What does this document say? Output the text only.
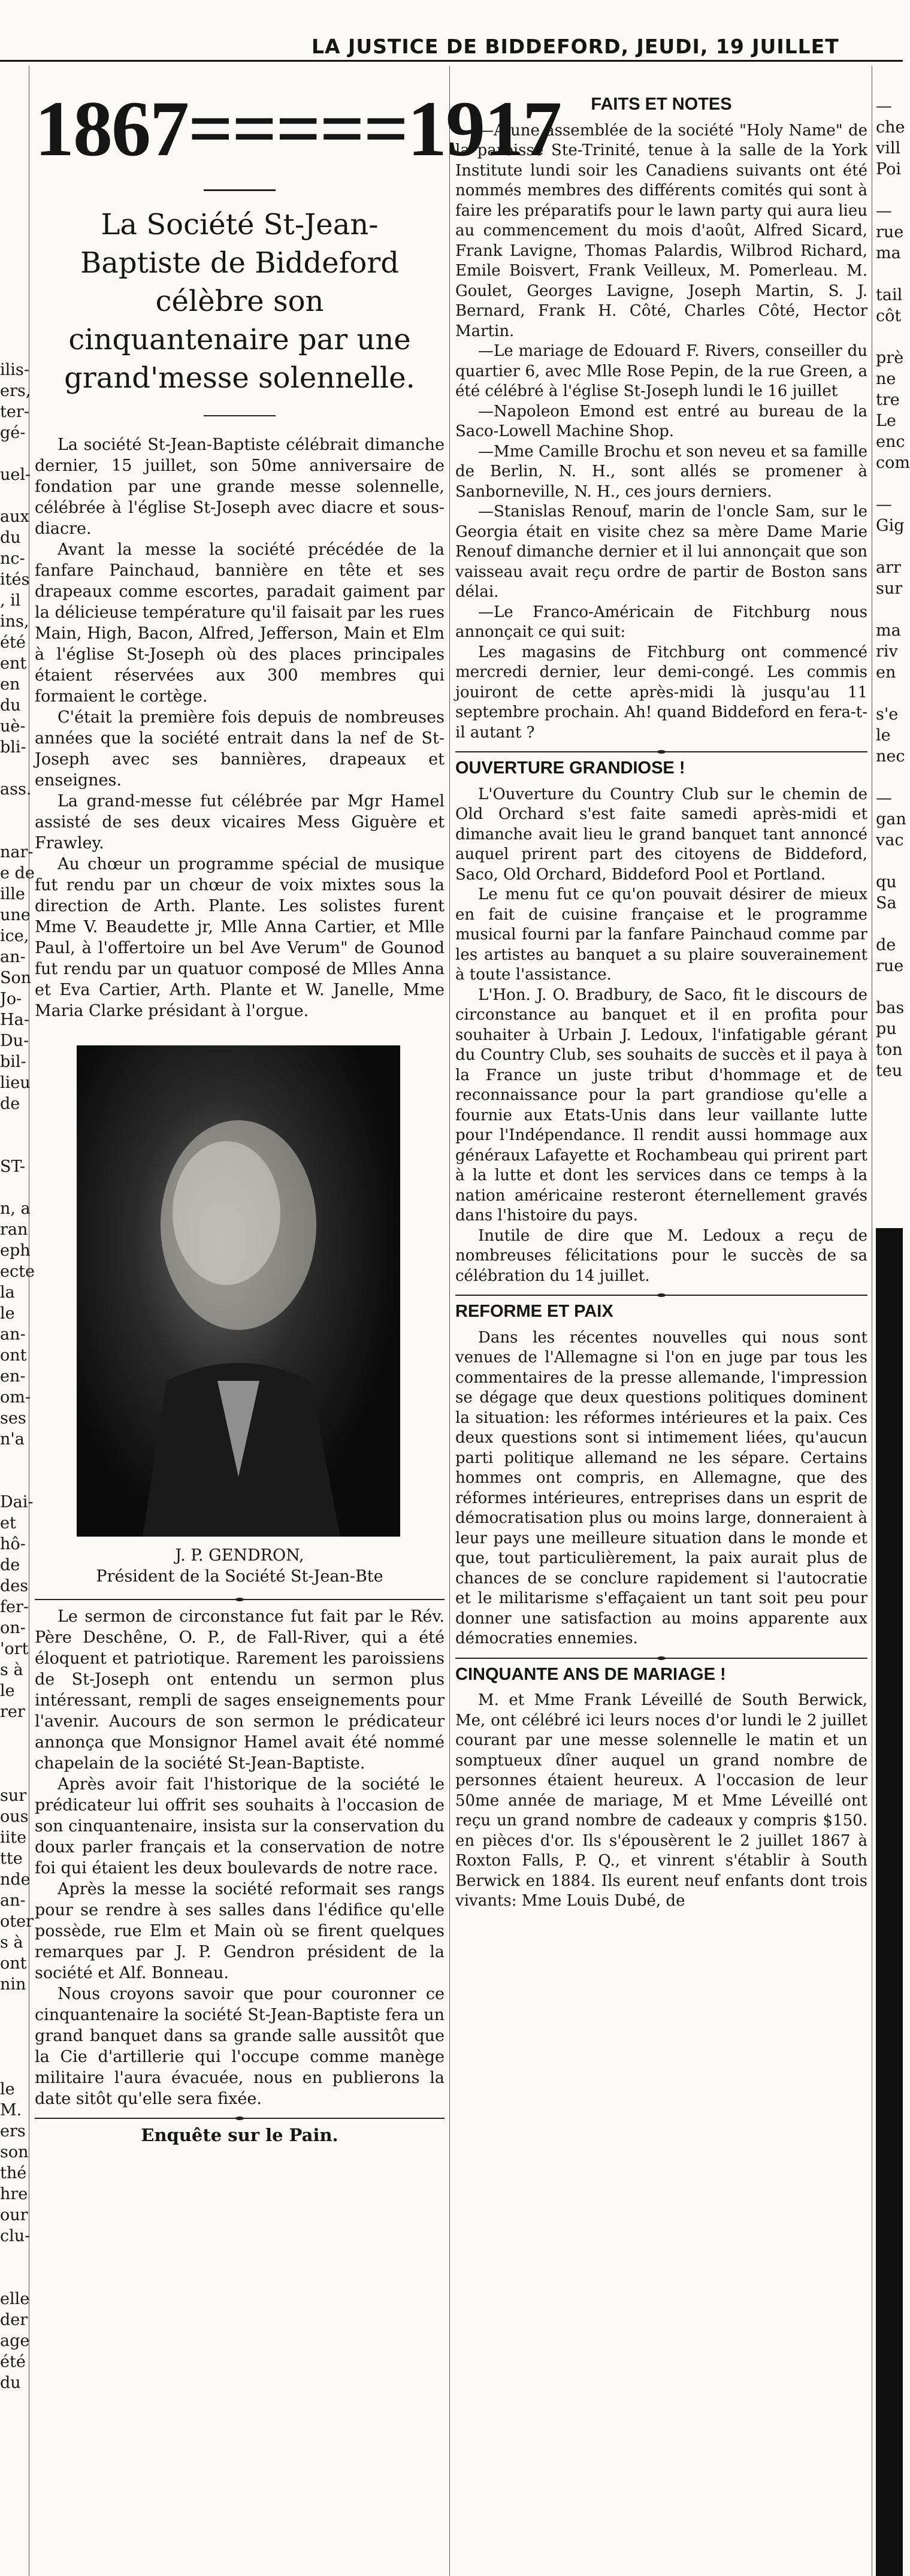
LA JUSTICE DE BIDDEFORD, JEUDI, 19 JUILLET
ilis-
ers,
ter-
gé-

uel-

aux
du
nc-
ités
, il
ins,
été
ent
en
du
uè-
bli-

ass.

nar-
e de
ille
une
ice,
an-
Son
Jo-
Ha-
Du-
bil-
lieu
de

ST-

n, a
ran
eph
ecte
la
le
an-
ont
en-
om-
ses
n'a

Dai-
et
hô-
de
des
fer-
on-
'ort
s à
le
rer

sur
ous
iite
tte
nde
an-
oter
s à
ont
nin

le
M.
ers
son
thé
hre
our
clu-

elle
der
age
été
du
1867=====1917
La Société St-Jean-Baptiste de Biddeford célèbre son cinquantenaire par une grand'messe solennelle.

La société St-Jean-Baptiste célébrait dimanche dernier, 15 juillet, son 50me anniversaire de fondation par une grande messe solennelle, célébrée à l'église St-Joseph avec diacre et sous-diacre.

Avant la messe la société précédée de la fanfare Painchaud, bannière en tête et ses drapeaux comme escortes, paradait gaiment par la délicieuse température qu'il faisait par les rues Main, High, Bacon, Alfred, Jefferson, Main et Elm à l'église St-Joseph où des places principales étaient réservées aux 300 membres qui formaient le cortège.

C'était la première fois depuis de nombreuses années que la société entrait dans la nef de St-Joseph avec ses bannières, drapeaux et enseignes.

La grand-messe fut célébrée par Mgr Hamel assisté de ses deux vicaires Mess Giguère et Frawley.

Au chœur un programme spécial de musique fut rendu par un chœur de voix mixtes sous la direction de Arth. Plante. Les solistes furent Mme V. Beaudette jr, Mlle Anna Cartier, et Mlle Paul, à l'offertoire un bel Ave Verum" de Gounod fut rendu par un quatuor composé de Mlles Anna et Eva Cartier, Arth. Plante et W. Janelle, Mme Maria Clarke présidant à l'orgue.

J. P. GENDRON,
Président de la Société St-Jean-Bte

Le sermon de circonstance fut fait par le Rév. Père Deschêne, O. P., de Fall-River, qui a été éloquent et patriotique. Rarement les paroissiens de St-Joseph ont entendu un sermon plus intéressant, rempli de sages enseignements pour l'avenir. Aucours de son sermon le prédicateur annonça que Monsignor Hamel avait été nommé chapelain de la société St-Jean-Baptiste.

Après avoir fait l'historique de la société le prédicateur lui offrit ses souhaits à l'occasion de son cinquantenaire, insista sur la conservation du doux parler français et la conservation de notre foi qui étaient les deux boulevards de notre race.

Après la messe la société reformait ses rangs pour se rendre à ses salles dans l'édifice qu'elle possède, rue Elm et Main où se firent quelques remarques par J. P. Gendron président de la société et Alf. Bonneau.

Nous croyons savoir que pour couronner ce cinquantenaire la société St-Jean-Baptiste fera un grand banquet dans sa grande salle aussitôt que la Cie d'artillerie qui l'occupe comme manège militaire l'aura évacuée, nous en publierons la date sitôt qu'elle sera fixée.

Enquête sur le Pain.
FAITS ET NOTES

—A une assemblée de la société "Holy Name" de la paroisse Ste-Trinité, tenue à la salle de la York Institute lundi soir les Canadiens suivants ont été nommés membres des différents comités qui sont à faire les préparatifs pour le lawn party qui aura lieu au commencement du mois d'août, Alfred Sicard, Frank Lavigne, Thomas Palardis, Wilbrod Richard, Emile Boisvert, Frank Veilleux, M. Pomerleau. M. Goulet, Georges Lavigne, Joseph Martin, S. J. Bernard, Frank H. Côté, Charles Côté, Hector Martin.

—Le mariage de Edouard F. Rivers, conseiller du quartier 6, avec Mlle Rose Pepin, de la rue Green, a été célébré à l'église St-Joseph lundi le 16 juillet

—Napoleon Emond est entré au bureau de la Saco-Lowell Machine Shop.

—Mme Camille Brochu et son neveu et sa famille de Berlin, N. H., sont allés se promener à Sanborneville, N. H., ces jours derniers.

—Stanislas Renouf, marin de l'oncle Sam, sur le Georgia était en visite chez sa mère Dame Marie Renouf dimanche dernier et il lui annonçait que son vaisseau avait reçu ordre de partir de Boston sans délai.

—Le Franco-Américain de Fitchburg nous annonçait ce qui suit:

Les magasins de Fitchburg ont commencé mercredi dernier, leur demi-congé. Les commis jouiront de cette après-midi là jusqu'au 11 septembre prochain. Ah! quand Biddeford en fera-t-il autant ?

OUVERTURE GRANDIOSE !

L'Ouverture du Country Club sur le chemin de Old Orchard s'est faite samedi après-midi et dimanche avait lieu le grand banquet tant annoncé auquel prirent part des citoyens de Biddeford, Saco, Old Orchard, Biddeford Pool et Portland.

Le menu fut ce qu'on pouvait désirer de mieux en fait de cuisine française et le programme musical fourni par la fanfare Painchaud comme par les artistes au banquet a su plaire souverainement à toute l'assistance.

L'Hon. J. O. Bradbury, de Saco, fit le discours de circonstance au banquet et il en profita pour souhaiter à Urbain J. Ledoux, l'infatigable gérant du Country Club, ses souhaits de succès et il paya à la France un juste tribut d'hommage et de reconnaissance pour la part grandiose qu'elle a fournie aux Etats-Unis dans leur vaillante lutte pour l'Indépendance. Il rendit aussi hommage aux généraux Lafayette et Rochambeau qui prirent part à la lutte et dont les services dans ce temps à la nation américaine resteront éternellement gravés dans l'histoire du pays.

Inutile de dire que M. Ledoux a reçu de nombreuses félicitations pour le succès de sa célébration du 14 juillet.

REFORME ET PAIX

Dans les récentes nouvelles qui nous sont venues de l'Allemagne si l'on en juge par tous les commentaires de la presse allemande, l'impression se dégage que deux questions politiques dominent la situation: les réformes intérieures et la paix. Ces deux questions sont si intimement liées, qu'aucun parti politique allemand ne les sépare. Certains hommes ont compris, en Allemagne, que des réformes intérieures, entreprises dans un esprit de démocratisation plus ou moins large, donneraient à leur pays une meilleure situation dans le monde et que, tout particulièrement, la paix aurait plus de chances de se conclure rapidement si l'autocratie et le militarisme s'effaçaient un tant soit peu pour donner une satisfaction au moins apparente aux démocraties ennemies.

CINQUANTE ANS DE MARIAGE !

M. et Mme Frank Léveillé de South Berwick, Me, ont célébré ici leurs noces d'or lundi le 2 juillet courant par une messe solennelle le matin et un somptueux dîner auquel un grand nombre de personnes étaient heureux. A l'occasion de leur 50me année de mariage, M et Mme Léveillé ont reçu un grand nombre de cadeaux y compris $150. en pièces d'or. Ils s'épousèrent le 2 juillet 1867 à Roxton Falls, P. Q., et vinrent s'établir à South Berwick en 1884. Ils eurent neuf enfants dont trois vivants: Mme Louis Dubé, de

—
che
vill
Poi

—
rue
ma

tail
côt

prè
ne
tre
Le
enc
com

—
Gig

arr
sur

ma
riv
en

s'e
le
nec

—
gan
vac

qu
Sa

de
rue

bas
pu
ton
teu
